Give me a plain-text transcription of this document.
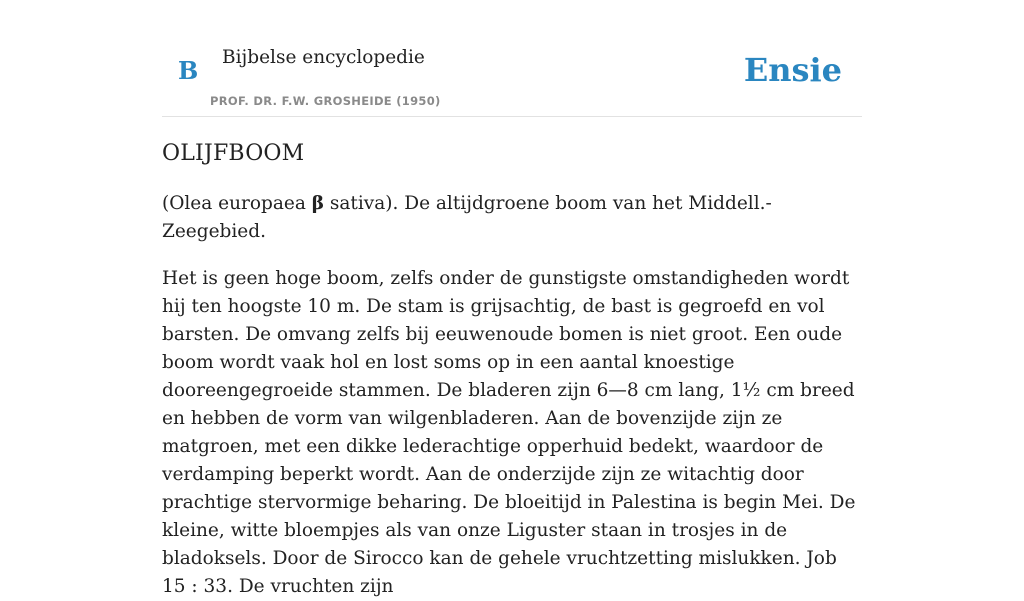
B Bijbelse encyclopedie
PROF. DR. F.W. GROSHEIDE (1950)
Ensie
OLIJFBOOM

(Olea europaea β sativa). De altijdgroene boom van het Middell.-Zeegebied.

Het is geen hoge boom, zelfs onder de gunstigste omstandigheden wordt hij ten hoogste 10 m. De stam is grijsachtig, de bast is gegroefd en vol barsten. De omvang zelfs bij eeuwenoude bomen is niet groot. Een oude boom wordt vaak hol en lost soms op in een aantal knoestige dooreengegroeide stammen. De bladeren zijn 6—8 cm lang, 1½ cm breed en hebben de vorm van wilgenbladeren. Aan de bovenzijde zijn ze matgroen, met een dikke lederachtige opperhuid bedekt, waardoor de verdamping beperkt wordt. Aan de onderzijde zijn ze witachtig door prachtige stervormige beharing. De bloeitijd in Palestina is begin Mei. De kleine, witte bloempjes als van onze Liguster staan in trosjes in de bladoksels. Door de Sirocco kan de gehele vruchtzetting mislukken. Job 15 : 33. De vruchten zijn
